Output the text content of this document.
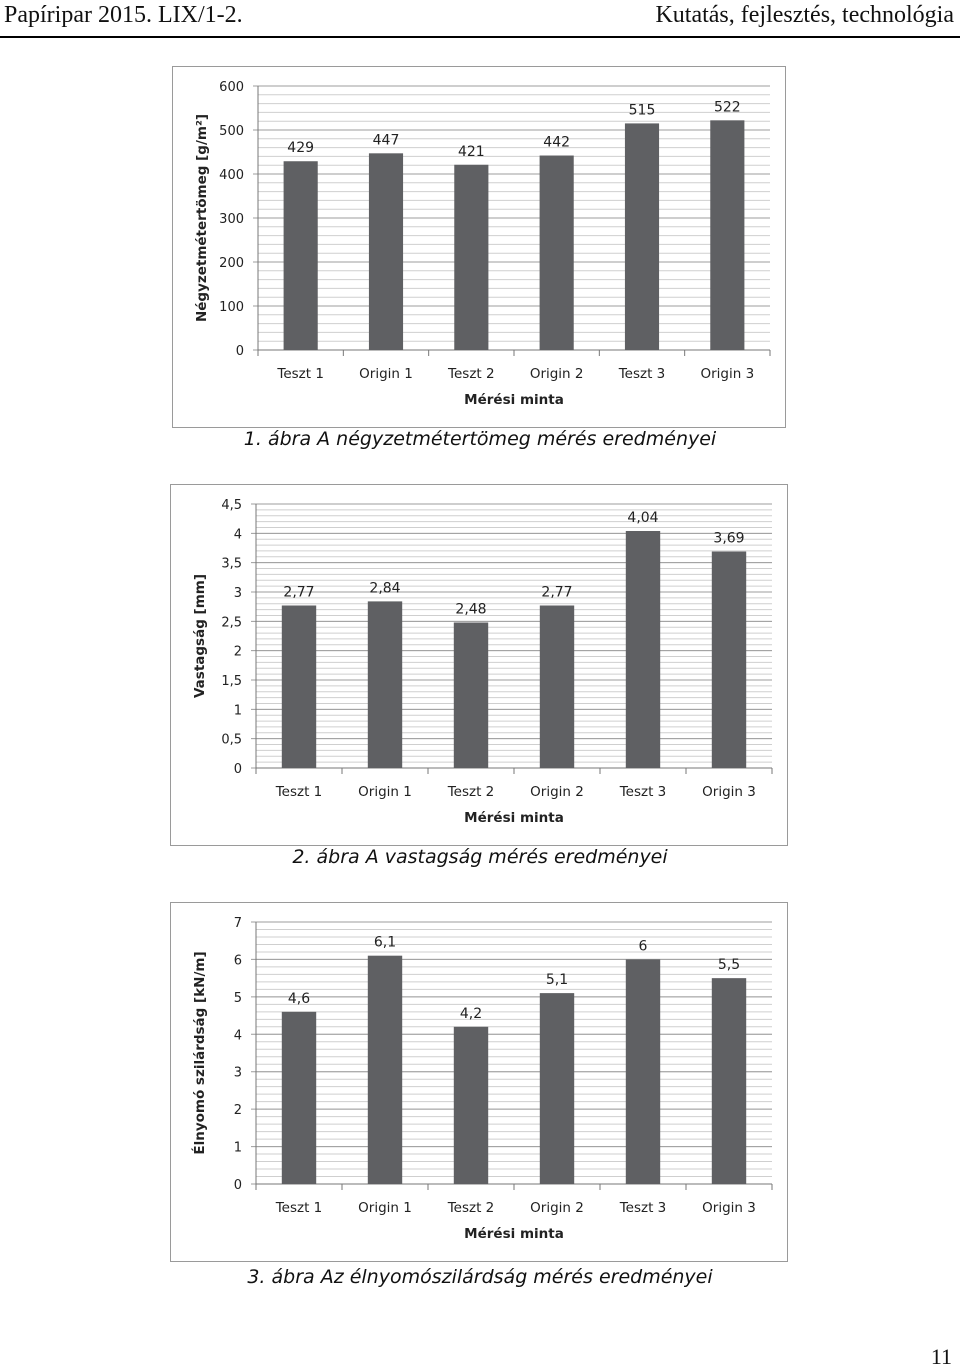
Papíripar 2015. LIX/1-2.	Kutatás, fejlesztés, technológia
0
100
200
300
400
500
600
429
Teszt 1
447
Origin 1
421
Teszt 2
442
Origin 2
515
Teszt 3
522
Origin 3
Mérési minta
Négyzetmétertömeg [g/m²]
1. ábra A négyzetmétertömeg mérés eredményei
0
0,5
1
1,5
2
2,5
3
3,5
4
4,5
2,77
Teszt 1
2,84
Origin 1
2,48
Teszt 2
2,77
Origin 2
4,04
Teszt 3
3,69
Origin 3
Mérési minta
Vastagság [mm]
2. ábra A vastagság mérés eredményei
0
1
2
3
4
5
6
7
4,6
Teszt 1
6,1
Origin 1
4,2
Teszt 2
5,1
Origin 2
6
Teszt 3
5,5
Origin 3
Mérési minta
Élnyomó szilárdság [kN/m]
3. ábra Az élnyomószilárdság mérés eredményei
11
